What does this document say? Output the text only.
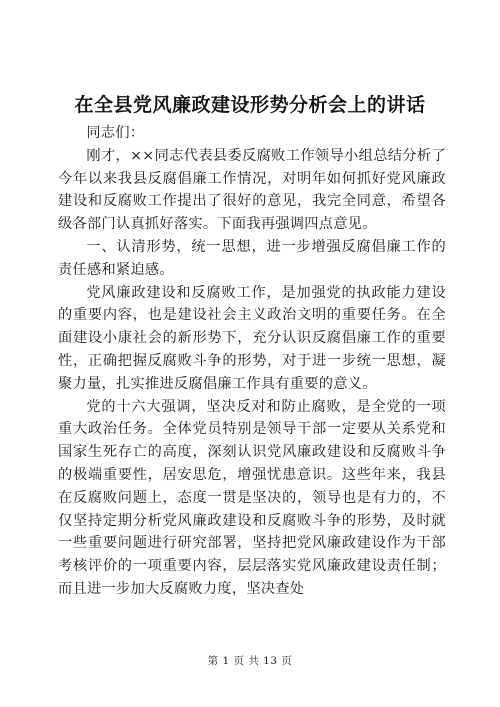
在全县党风廉政建设形势分析会上的讲话

同志们：

刚才，××同志代表县委反腐败工作领导小组总结分析了今年以来我县反腐倡廉工作情况，对明年如何抓好党风廉政建设和反腐败工作提出了很好的意见，我完全同意，希望各级各部门认真抓好落实。下面我再强调四点意见。

一、认清形势，统一思想，进一步增强反腐倡廉工作的责任感和紧迫感。

党风廉政建设和反腐败工作，是加强党的执政能力建设的重要内容，也是建设社会主义政治文明的重要任务。在全面建设小康社会的新形势下，充分认识反腐倡廉工作的重要性，正确把握反腐败斗争的形势，对于进一步统一思想，凝聚力量，扎实推进反腐倡廉工作具有重要的意义。

党的十六大强调，坚决反对和防止腐败，是全党的一项重大政治任务。全体党员特别是领导干部一定要从关系党和国家生死存亡的高度，深刻认识党风廉政建设和反腐败斗争的极端重要性，居安思危，增强忧患意识。这些年来，我县在反腐败问题上，态度一贯是坚决的，领导也是有力的，不仅坚持定期分析党风廉政建设和反腐败斗争的形势，及时就一些重要问题进行研究部署，坚持把党风廉政建设作为干部考核评价的一项重要内容，层层落实党风廉政建设责任制；而且进一步加大反腐败力度，坚决查处

第 1 页 共 13 页
